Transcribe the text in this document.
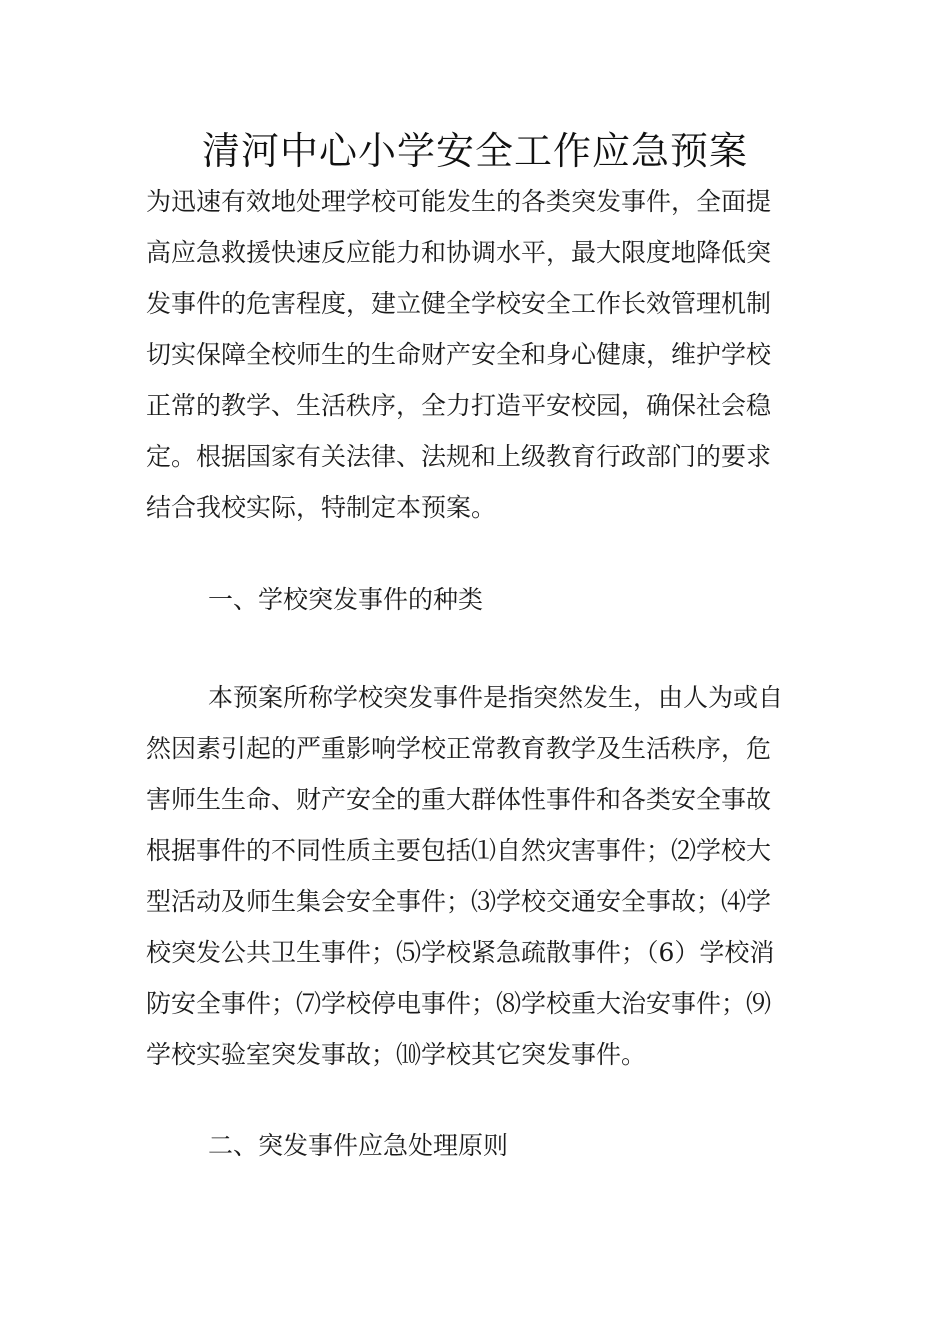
清河中心小学安全工作应急预案
为迅速有效地处理学校可能发生的各类突发事件，全面提
高应急救援快速反应能力和协调水平，最大限度地降低突
发事件的危害程度，建立健全学校安全工作长效管理机制
切实保障全校师生的生命财产安全和身心健康，维护学校
正常的教学、生活秩序，全力打造平安校园，确保社会稳
定。根据国家有关法律、法规和上级教育行政部门的要求
结合我校实际，特制定本预案。
一、学校突发事件的种类
本预案所称学校突发事件是指突然发生，由人为或自
然因素引起的严重影响学校正常教育教学及生活秩序，危
害师生生命、财产安全的重大群体性事件和各类安全事故
根据事件的不同性质主要包括⑴自然灾害事件；⑵学校大
型活动及师生集会安全事件；⑶学校交通安全事故；⑷学
校突发公共卫生事件；⑸学校紧急疏散事件；（6）学校消
防安全事件；⑺学校停电事件；⑻学校重大治安事件；⑼
学校实验室突发事故；⑽学校其它突发事件。
二、突发事件应急处理原则
